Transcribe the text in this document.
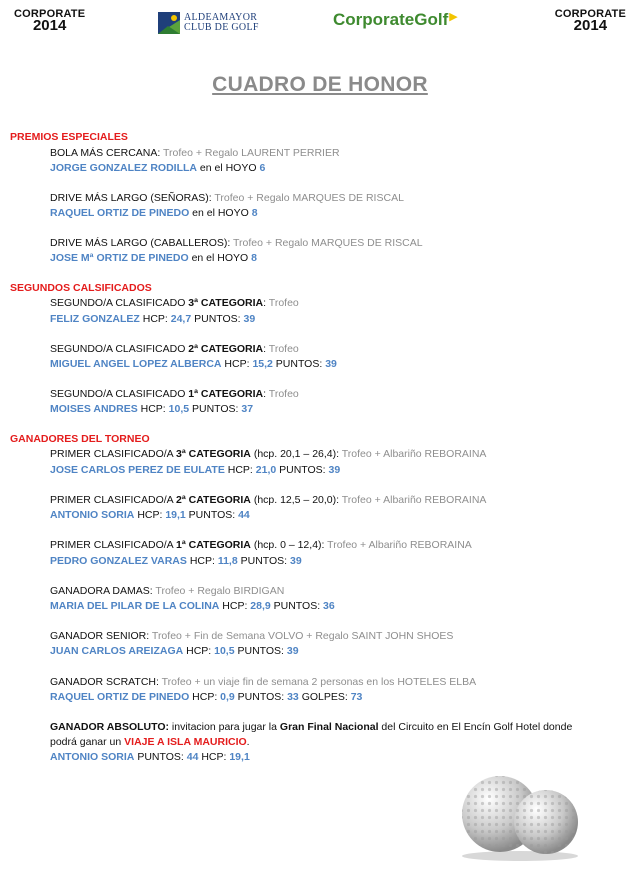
CORPORATE
2014	ALDEAMAYOR
CLUB DE GOLF	CorporateGolf▶	CORPORATE
2014
CUADRO DE HONOR
PREMIOS ESPECIALES
BOLA MÁS CERCANA: Trofeo + Regalo LAURENT PERRIER
JORGE GONZALEZ RODILLA en el HOYO 6
DRIVE MÁS LARGO (SEÑORAS): Trofeo + Regalo MARQUES DE RISCAL
RAQUEL ORTIZ DE PINEDO en el HOYO 8
DRIVE MÁS LARGO (CABALLEROS): Trofeo + Regalo MARQUES DE RISCAL
JOSE Mª ORTIZ DE PINEDO en el HOYO 8
SEGUNDOS CALSIFICADOS
SEGUNDO/A CLASIFICADO 3ª CATEGORIA: Trofeo
FELIZ GONZALEZ HCP: 24,7 PUNTOS: 39
SEGUNDO/A CLASIFICADO 2ª CATEGORIA: Trofeo
MIGUEL ANGEL LOPEZ ALBERCA HCP: 15,2 PUNTOS: 39
SEGUNDO/A CLASIFICADO 1ª CATEGORIA: Trofeo
MOISES ANDRES HCP: 10,5 PUNTOS: 37
GANADORES DEL TORNEO
PRIMER CLASIFICADO/A 3ª CATEGORIA (hcp. 20,1 – 26,4): Trofeo + Albariño REBORAINA
JOSE CARLOS PEREZ DE EULATE HCP: 21,0 PUNTOS: 39
PRIMER CLASIFICADO/A 2ª CATEGORIA (hcp. 12,5 – 20,0): Trofeo + Albariño REBORAINA
ANTONIO SORIA HCP: 19,1 PUNTOS: 44
PRIMER CLASIFICADO/A 1ª CATEGORIA (hcp. 0 – 12,4): Trofeo + Albariño REBORAINA
PEDRO GONZALEZ VARAS HCP: 11,8 PUNTOS: 39
GANADORA DAMAS: Trofeo + Regalo BIRDIGAN
MARIA DEL PILAR DE LA COLINA HCP: 28,9 PUNTOS: 36
GANADOR SENIOR: Trofeo + Fin de Semana VOLVO + Regalo SAINT JOHN SHOES
JUAN CARLOS AREIZAGA HCP: 10,5 PUNTOS: 39
GANADOR SCRATCH: Trofeo + un viaje fin de semana 2 personas en los HOTELES ELBA
RAQUEL ORTIZ DE PINEDO HCP: 0,9 PUNTOS: 33 GOLPES: 73
GANADOR ABSOLUTO: invitacion para jugar la Gran Final Nacional del Circuito en El Encín Golf Hotel donde
podrá ganar un VIAJE A ISLA MAURICIO.
ANTONIO SORIA PUNTOS: 44 HCP: 19,1
